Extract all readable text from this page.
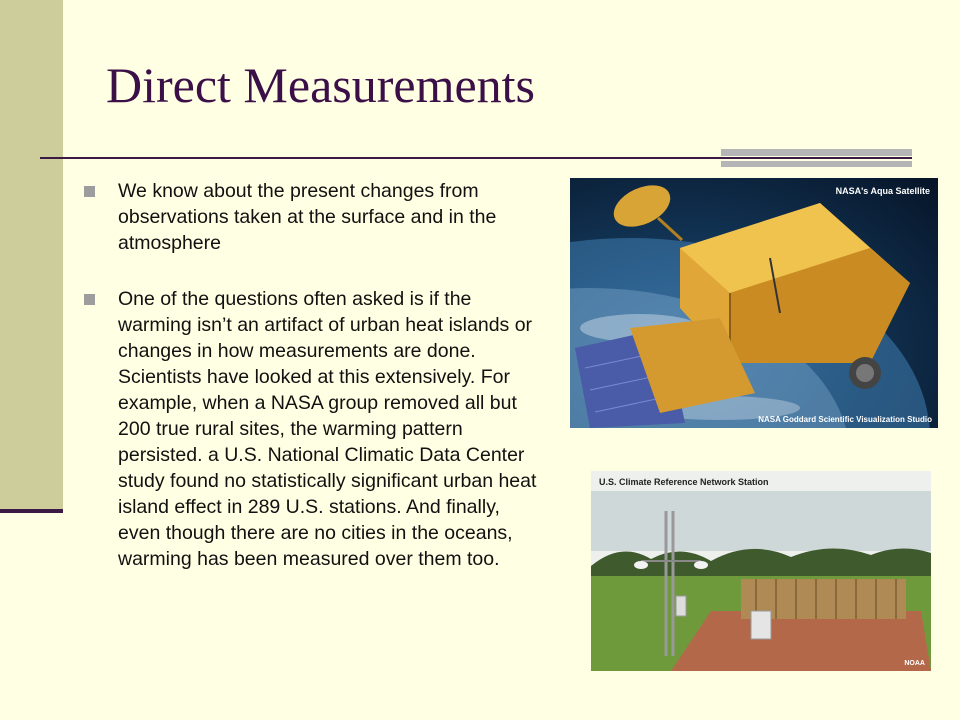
Direct Measurements
We know about the present changes from observations taken at the surface and in the atmosphere
One of the questions often asked is if the warming isn’t an artifact of urban heat islands or changes in how measurements are done. Scientists have looked at this extensively. For example, when a NASA group removed all but 200 true rural sites, the warming pattern persisted. a U.S. National Climatic Data Center study found no statistically significant urban heat island effect in 289 U.S. stations. And finally, even though there are no cities in the oceans, warming has been measured over them too.
NASA's Aqua Satellite
NASA Goddard Scientific Visualization Studio
U.S. Climate Reference Network Station
NOAA
